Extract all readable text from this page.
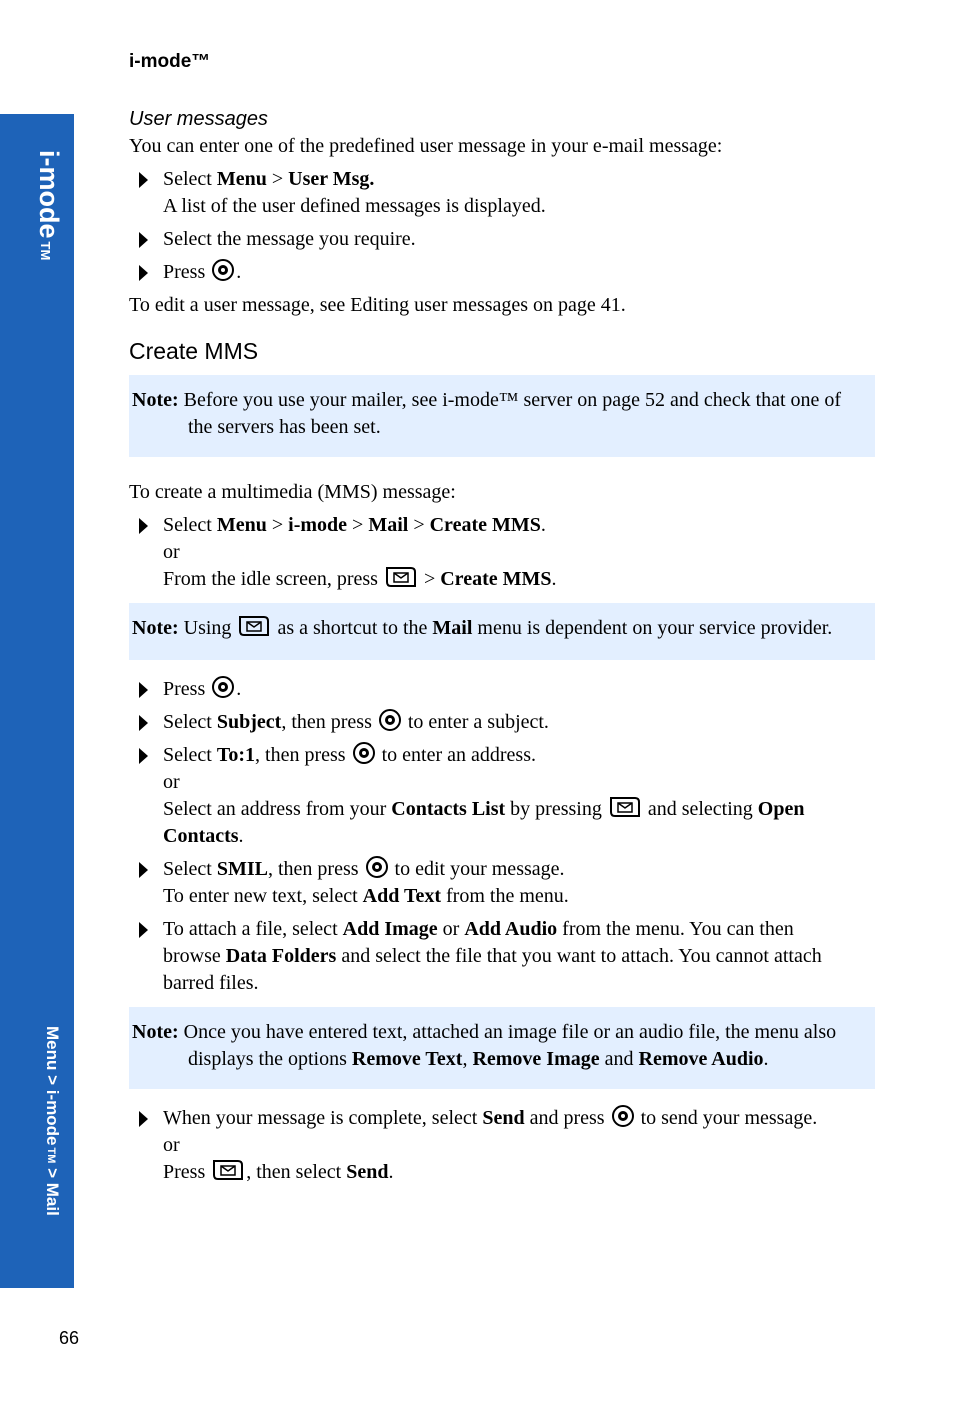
i-modeTM
Menu > i-modeTM > Mail
i-mode™
User messages

You can enter one of the predefined user message in your e-mail message:

Select Menu > User Msg.
A list of the user defined messages is displayed.
Select the message you require.
Press .

To edit a user message, see Editing user messages on page 41.

Create MMS
Note: Before you use your mailer, see i-mode™ server on page 52 and check that one of
the servers has been set.

To create a multimedia (MMS) message:

Select Menu > i-mode > Mail > Create MMS.
or
From the idle screen, press  > Create MMS.
Note: Using  as a shortcut to the Mail menu is dependent on your service provider.
Press .
Select Subject, then press  to enter a subject.
Select To:1, then press  to enter an address.
or
Select an address from your Contacts List by pressing  and selecting Open
Contacts.
Select SMIL, then press  to edit your message.
To enter new text, select Add Text from the menu.
To attach a file, select Add Image or Add Audio from the menu. You can then
browse Data Folders and select the file that you want to attach. You cannot attach
barred files.
Note: Once you have entered text, attached an image file or an audio file, the menu also
displays the options Remove Text, Remove Image and Remove Audio.
When your message is complete, select Send and press  to send your message.
or
Press , then select Send.
66
